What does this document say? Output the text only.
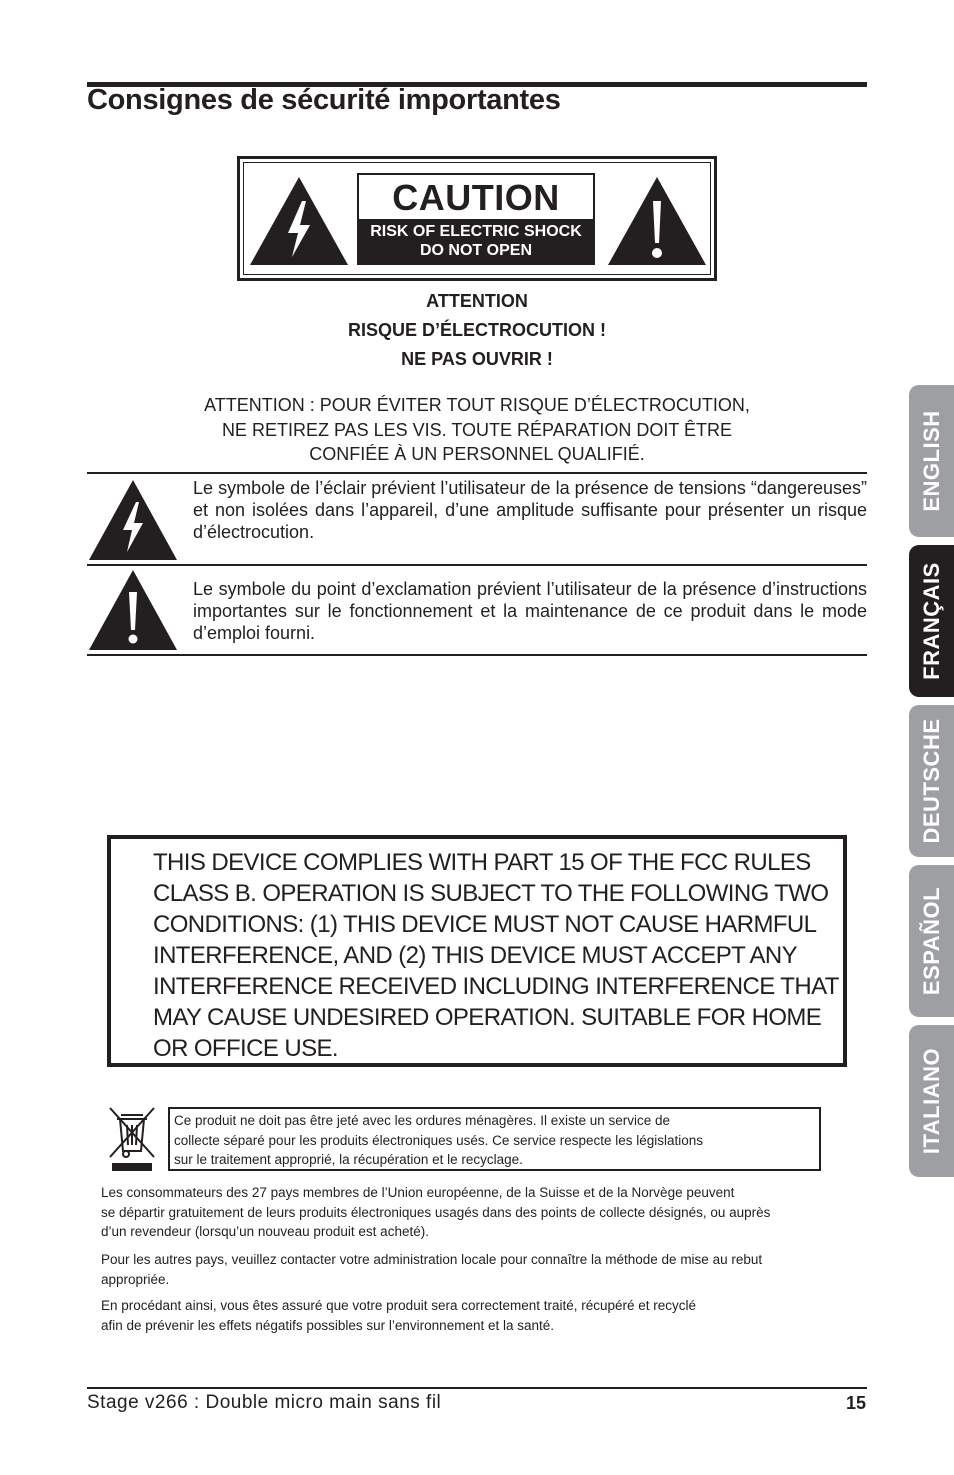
Consignes de sécurité importantes
CAUTION
RISK OF ELECTRIC SHOCK
DO NOT OPEN
ATTENTION
RISQUE D’ÉLECTROCUTION !
NE PAS OUVRIR !
ATTENTION : POUR ÉVITER TOUT RISQUE D’ÉLECTROCUTION,
NE RETIREZ PAS LES VIS. TOUTE RÉPARATION DOIT ÊTRE
CONFIÉE À UN PERSONNEL QUALIFIÉ.
Le symbole de l’éclair prévient l’utilisateur de la présence de tensions “dangereuses” et non isolées dans l’appareil, d’une amplitude suffisante pour présenter un risque d’électrocution.
Le symbole du point d’exclamation prévient l’utilisateur de la présence d’instructions importantes sur le fonctionnement et la maintenance de ce produit dans le mode d’emploi fourni.
THIS DEVICE COMPLIES WITH PART 15 OF THE FCC RULES
CLASS B. OPERATION IS SUBJECT TO THE FOLLOWING TWO
CONDITIONS: (1) THIS DEVICE MUST NOT CAUSE HARMFUL
INTERFERENCE, AND (2) THIS DEVICE MUST ACCEPT ANY
INTERFERENCE RECEIVED INCLUDING INTERFERENCE THAT
MAY CAUSE UNDESIRED OPERATION. SUITABLE FOR HOME
OR OFFICE USE.
Ce produit ne doit pas être jeté avec les ordures ménagères. Il existe un service de
collecte séparé pour les produits électroniques usés. Ce service respecte les législations
sur le traitement approprié, la récupération et le recyclage.
Les consommateurs des 27 pays membres de l’Union européenne, de la Suisse et de la Norvège peuvent
se départir gratuitement de leurs produits électroniques usagés dans des points de collecte désignés, ou auprès
d’un revendeur (lorsqu’un nouveau produit est acheté).
Pour les autres pays, veuillez contacter votre administration locale pour connaître la méthode de mise au rebut
appropriée.
En procédant ainsi, vous êtes assuré que votre produit sera correctement traité, récupéré et recyclé
afin de prévenir les effets négatifs possibles sur l’environnement et la santé.
Stage v266 : Double micro main sans fil	15
ENGLISH
FRANÇAIS
DEUTSCHE
ESPAÑOL
ITALIANO
